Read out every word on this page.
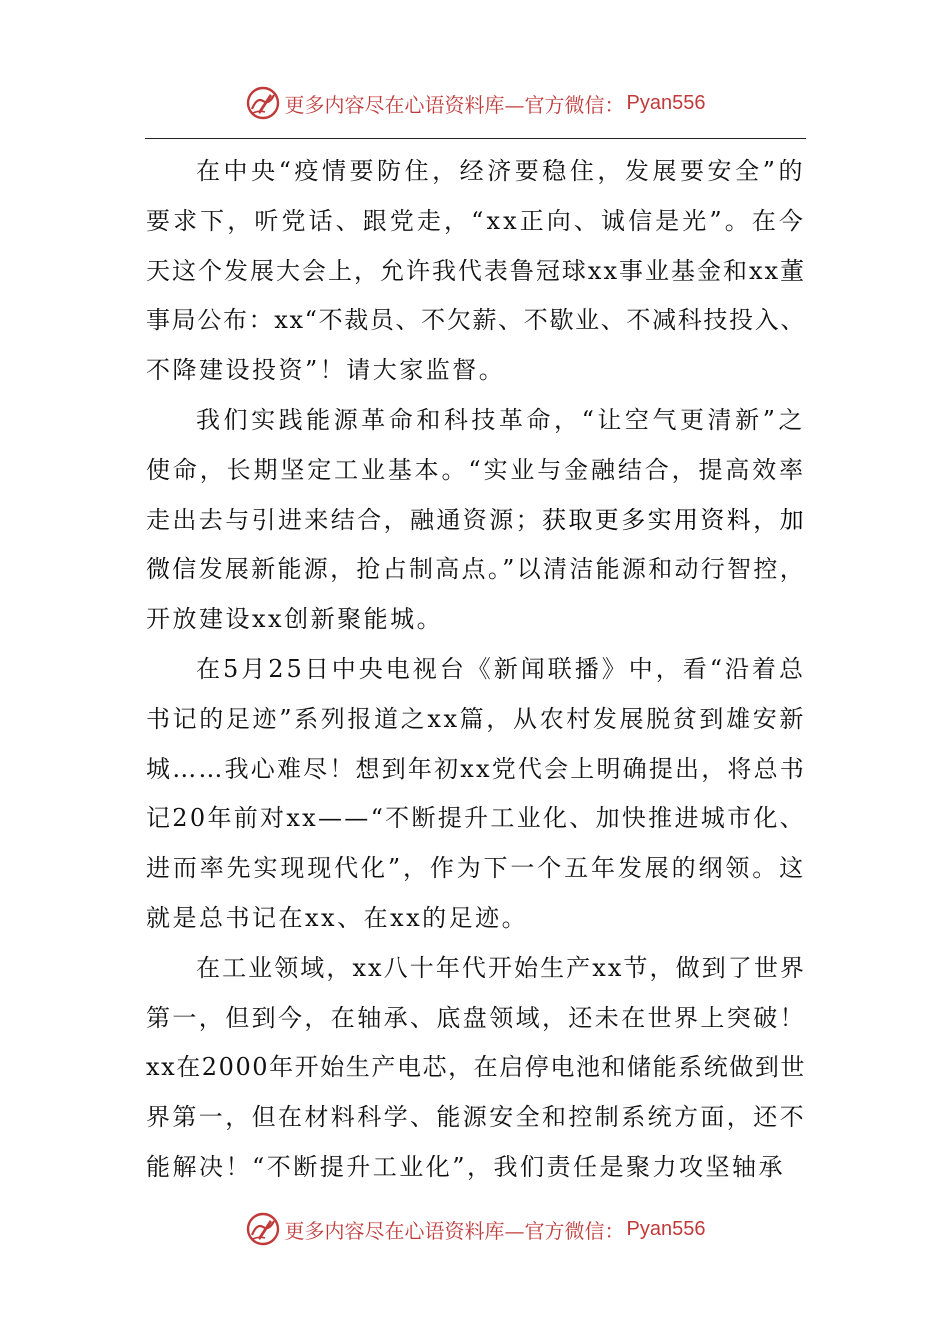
更多内容尽在心语资料库—官方微信： Pyan556
在中央“疫情要防住，经济要稳住，发展要安全”的
要求下，听党话、跟党走，“xx正向、诚信是光”。在今
天这个发展大会上，允许我代表鲁冠球xx事业基金和xx董
事局公布：xx“不裁员、不欠薪、不歇业、不减科技投入、
不降建设投资”！请大家监督。
我们实践能源革命和科技革命，“让空气更清新”之
使命，长期坚定工业基本。“实业与金融结合，提高效率
走出去与引进来结合，融通资源；获取更多实用资料，加
微信发展新能源，抢占制高点。”以清洁能源和动行智控，
开放建设xx创新聚能城。
在5月25日中央电视台《新闻联播》中，看“沿着总
书记的足迹”系列报道之xx篇，从农村发展脱贫到雄安新
城……我心难尽！想到年初xx党代会上明确提出，将总书
记20年前对xx——“不断提升工业化、加快推进城市化、
进而率先实现现代化”，作为下一个五年发展的纲领。这
就是总书记在xx、在xx的足迹。
在工业领域，xx八十年代开始生产xx节，做到了世界
第一，但到今，在轴承、底盘领域，还未在世界上突破！
xx在2000年开始生产电芯，在启停电池和储能系统做到世
界第一，但在材料科学、能源安全和控制系统方面，还不
能解决！“不断提升工业化”，我们责任是聚力攻坚轴承
更多内容尽在心语资料库—官方微信： Pyan556
